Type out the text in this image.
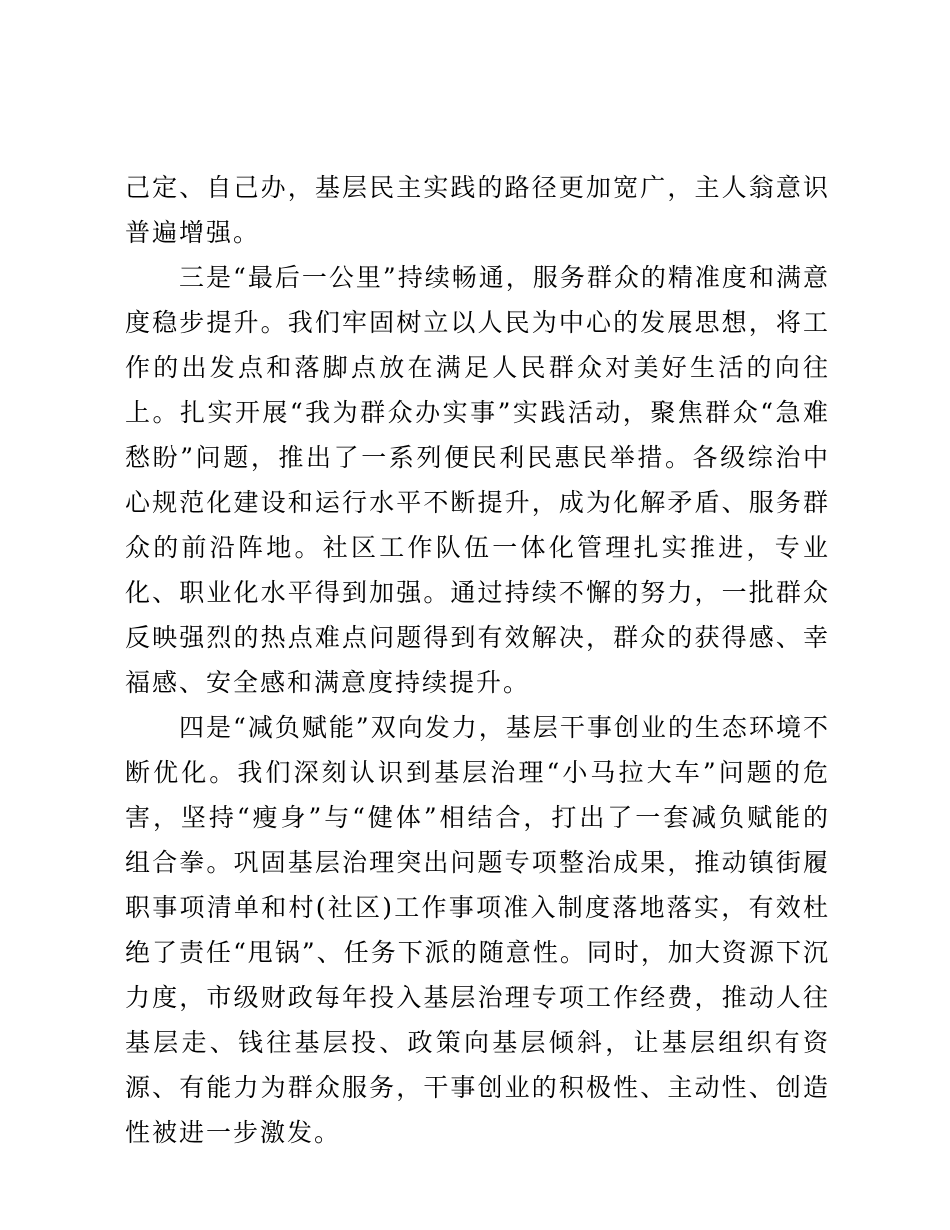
己定、自己办，基层民主实践的路径更加宽广，主人翁意识普遍增强。

三是“最后一公里”持续畅通，服务群众的精准度和满意度稳步提升。我们牢固树立以人民为中心的发展思想，将工作的出发点和落脚点放在满足人民群众对美好生活的向往上。扎实开展“我为群众办实事”实践活动，聚焦群众“急难愁盼”问题，推出了一系列便民利民惠民举措。各级综治中心规范化建设和运行水平不断提升，成为化解矛盾、服务群众的前沿阵地。社区工作队伍一体化管理扎实推进，专业化、职业化水平得到加强。通过持续不懈的努力，一批群众反映强烈的热点难点问题得到有效解决，群众的获得感、幸福感、安全感和满意度持续提升。

四是“减负赋能”双向发力，基层干事创业的生态环境不断优化。我们深刻认识到基层治理“小马拉大车”问题的危害，坚持“瘦身”与“健体”相结合，打出了一套减负赋能的组合拳。巩固基层治理突出问题专项整治成果，推动镇街履职事项清单和村(社区)工作事项准入制度落地落实，有效杜绝了责任“甩锅”、任务下派的随意性。同时，加大资源下沉力度，市级财政每年投入基层治理专项工作经费，推动人往基层走、钱往基层投、政策向基层倾斜，让基层组织有资源、有能力为群众服务，干事创业的积极性、主动性、创造性被进一步激发。
